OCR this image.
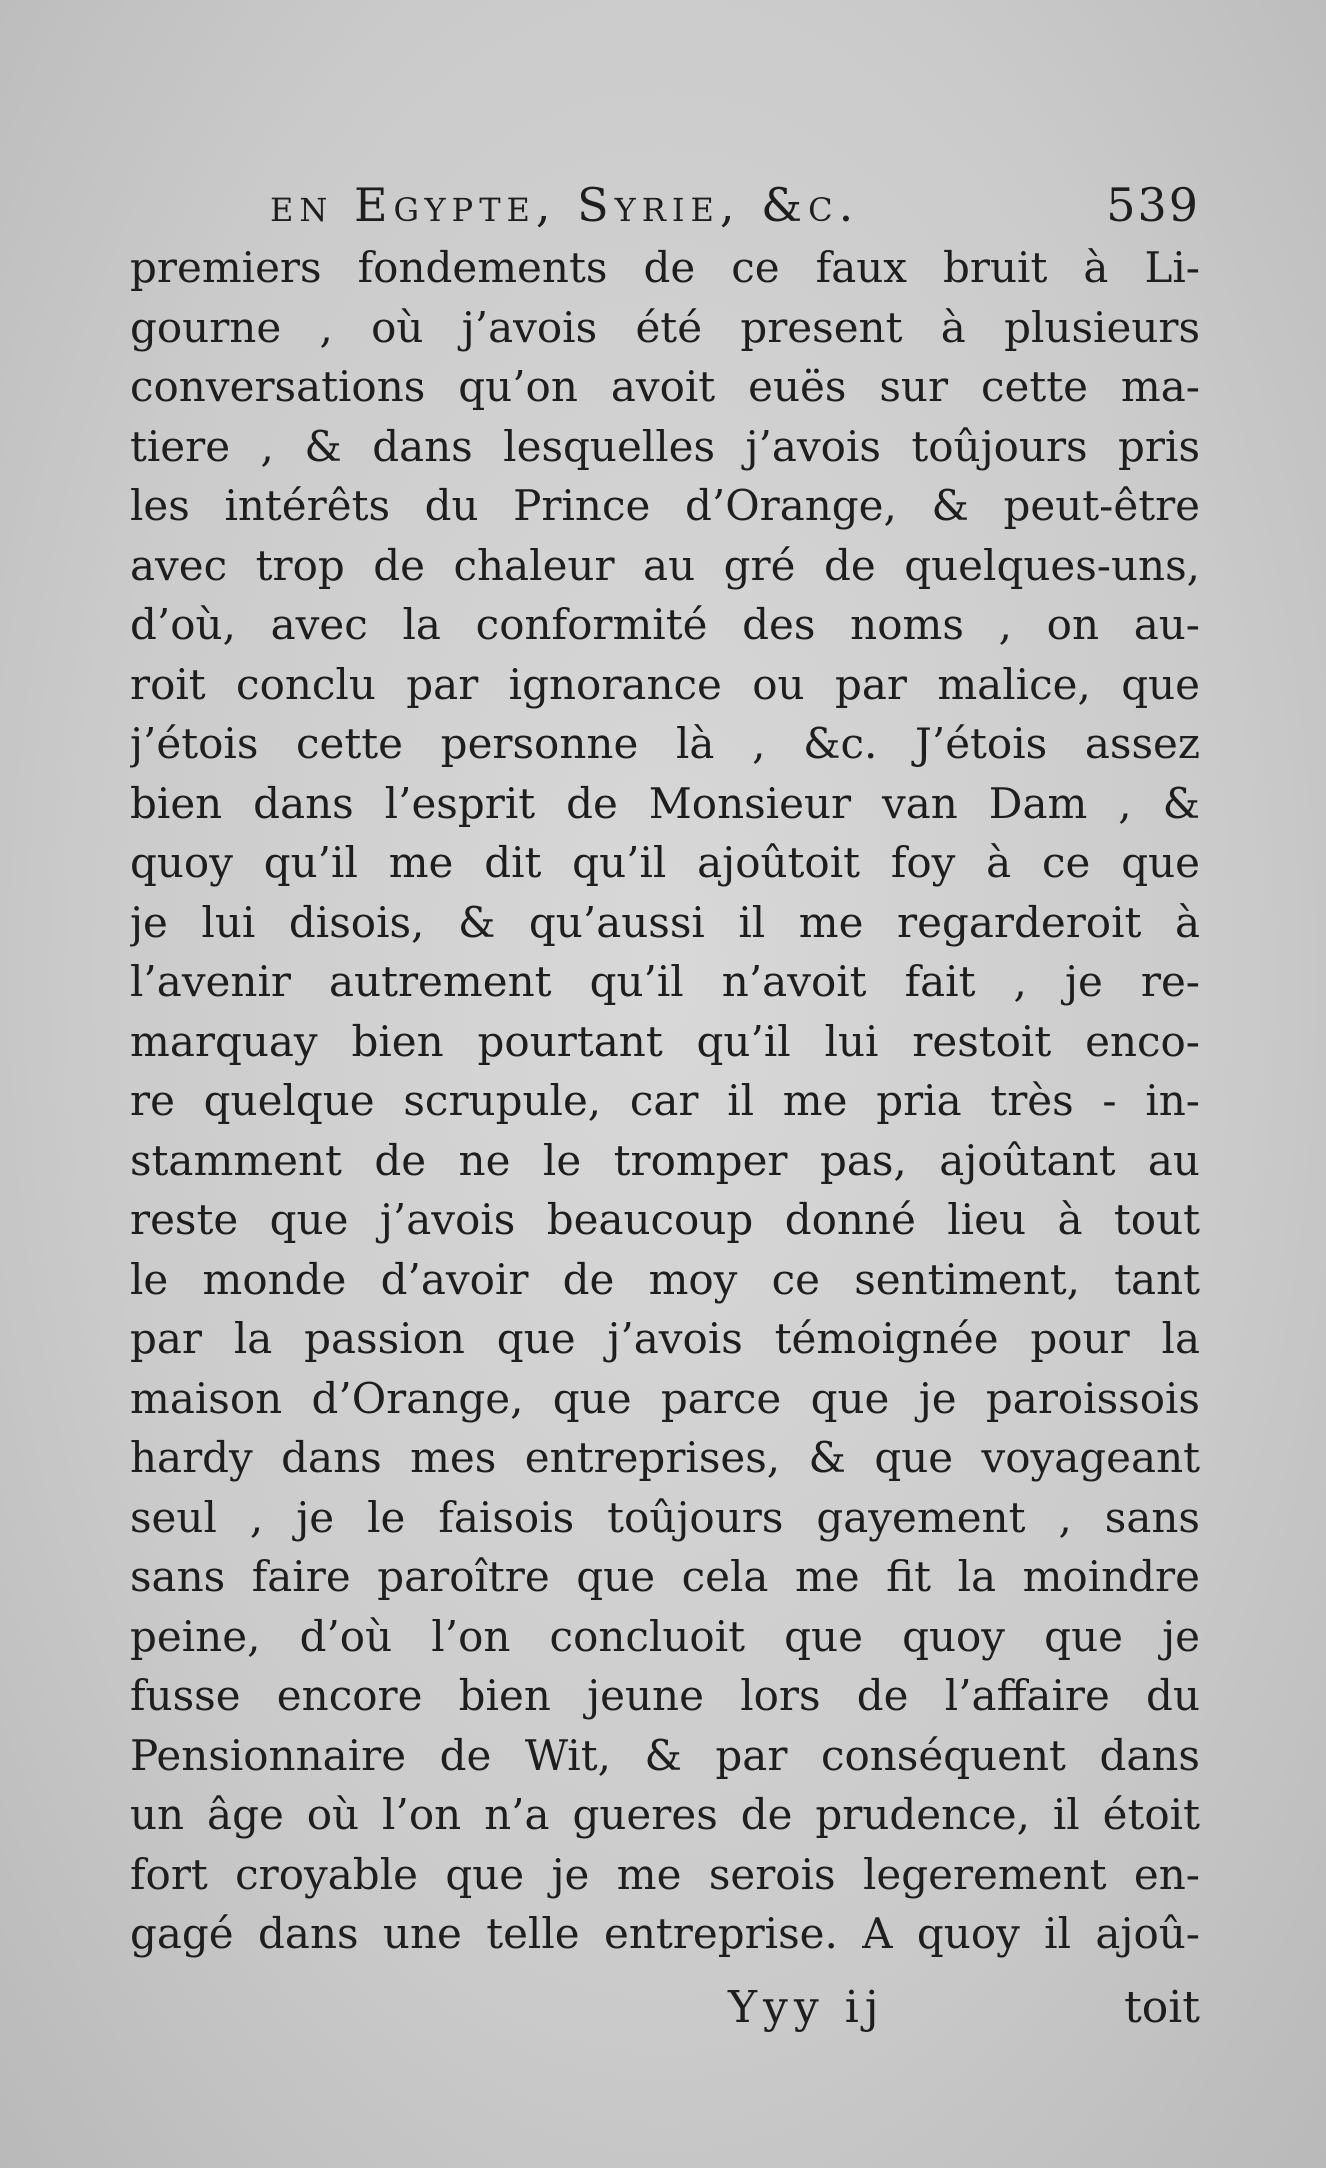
en Egypte, Syrie, &c.	539
premiers fondements de ce faux bruit à Li-
gourne , où j’avois été present à plusieurs
conversations qu’on avoit euës sur cette ma-
tiere , & dans lesquelles j’avois toûjours pris
les intérêts du Prince d’Orange, & peut-être
avec trop de chaleur au gré de quelques-uns,
d’où, avec la conformité des noms , on au-
roit conclu par ignorance ou par malice, que
j’étois cette personne là , &c. J’étois assez
bien dans l’esprit de Monsieur van Dam , &
quoy qu’il me dit qu’il ajoûtoit foy à ce que
je lui disois, & qu’aussi il me regarderoit à
l’avenir autrement qu’il n’avoit fait , je re-
marquay bien pourtant qu’il lui restoit enco-
re quelque scrupule, car il me pria très - in-
stamment de ne le tromper pas, ajoûtant au
reste que j’avois beaucoup donné lieu à tout
le monde d’avoir de moy ce sentiment, tant
par la passion que j’avois témoignée pour la
maison d’Orange, que parce que je paroissois
hardy dans mes entreprises, & que voyageant
seul , je le faisois toûjours gayement , sans
sans faire paroître que cela me fit la moindre
peine, d’où l’on concluoit que quoy que je
fusse encore bien jeune lors de l’affaire du
Pensionnaire de Wit, & par conséquent dans
un âge où l’on n’a gueres de prudence, il étoit
fort croyable que je me serois legerement en-
gagé dans une telle entreprise. A quoy il ajoû-
Yyy ij	toit
